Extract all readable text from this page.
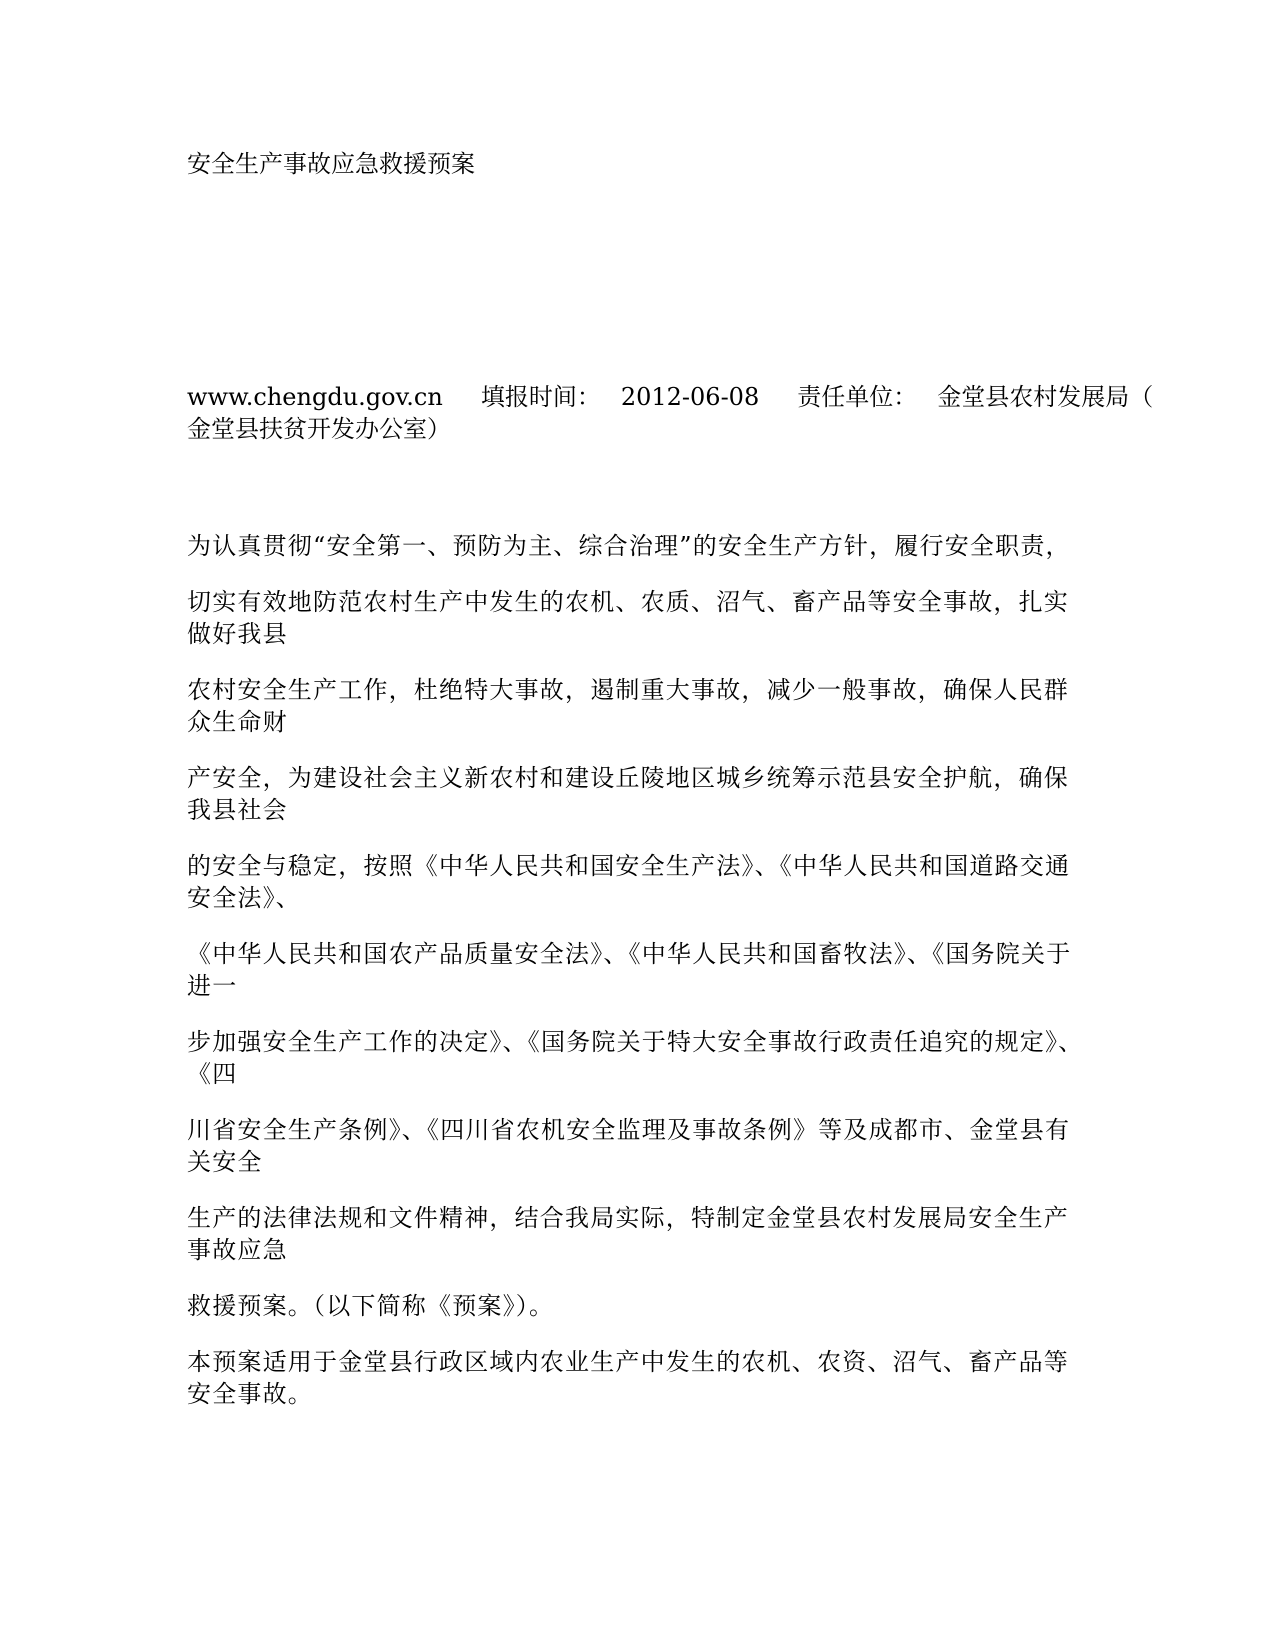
安全生产事故应急救援预案
www.chengdu.gov.cn 填报时间： 2012-06-08 责任单位： 金堂县农村发展局（
金堂县扶贫开发办公室）

为认真贯彻“安全第一、预防为主、综合治理”的安全生产方针，履行安全职责，

切实有效地防范农村生产中发生的农机、农质、沼气、畜产品等安全事故，扎实做好我县

农村安全生产工作，杜绝特大事故，遏制重大事故，减少一般事故，确保人民群众生命财

产安全，为建设社会主义新农村和建设丘陵地区城乡统筹示范县安全护航，确保我县社会

的安全与稳定，按照《中华人民共和国安全生产法》、《中华人民共和国道路交通安全法》、

《中华人民共和国农产品质量安全法》、《中华人民共和国畜牧法》、《国务院关于进一

步加强安全生产工作的决定》、《国务院关于特大安全事故行政责任追究的规定》、《四

川省安全生产条例》、《四川省农机安全监理及事故条例》等及成都市、金堂县有关安全

生产的法律法规和文件精神，结合我局实际，特制定金堂县农村发展局安全生产事故应急

救援预案。（以下简称《预案》）。

本预案适用于金堂县行政区域内农业生产中发生的农机、农资、沼气、畜产品等安全事故。
